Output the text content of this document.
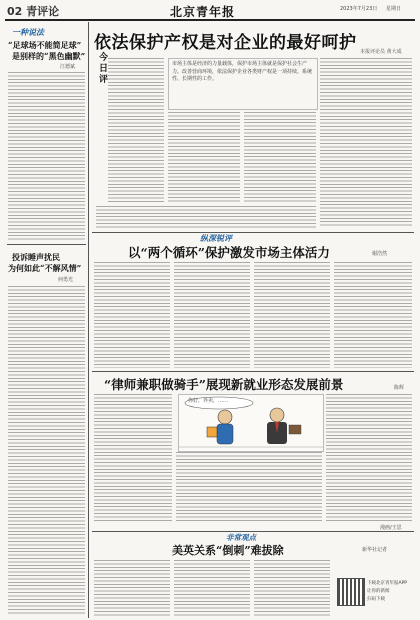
02 青评论	北京青年报	2023年7月23日 星期日
一种说法
“足球场不能简足球”
是别样的“黑色幽默”
江德斌
投诉睡声扰民
为何如此“不解风情”
何勇光
依法保护产权是对企业的最好呵护 本报评论员 黄大成
今日评	市场主体是经济的力量载体，保护市场主体就是保护社会生产力。改善营商环境，依法保护企业各类财产权是一项持续、系统性、长期性的工作。
纵深锐评
以“两个循环”保护激发市场主体活力	谢浩然
“律师兼职做骑手”展现新就业形态发展前景	陈辉
你好，外卖，……
漫画/王思
非常观点
美英关系“倒刺”难拔除	新华社记者
下载北京青年报APP
让你的新闻
扫码下载
